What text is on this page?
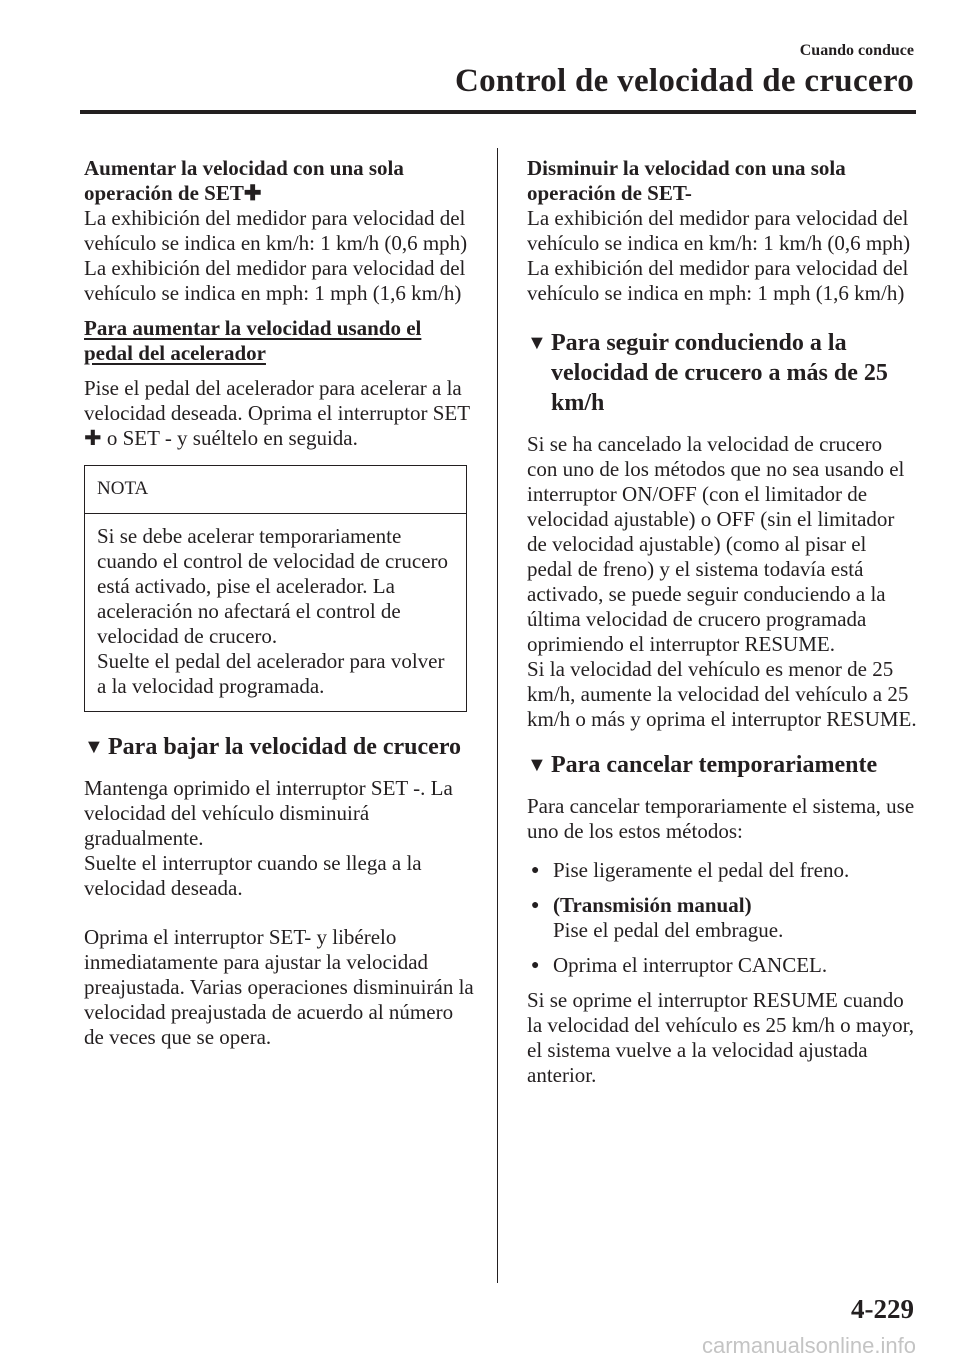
Cuando conduce
Control de velocidad de crucero

Aumentar la velocidad con una sola operación de SET✚

La exhibición del medidor para velocidad del vehículo se indica en km/h: 1 km/h (0,6 mph)

La exhibición del medidor para velocidad del vehículo se indica en mph: 1 mph (1,6 km/h)

Para aumentar la velocidad usando el pedal del acelerador

Pise el pedal del acelerador para acelerar a la velocidad deseada. Oprima el interruptor SET ✚ o SET - y suéltelo en seguida.

NOTA

Si se debe acelerar temporariamente cuando el control de velocidad de crucero está activado, pise el acelerador. La aceleración no afectará el control de velocidad de crucero.

Suelte el pedal del acelerador para volver a la velocidad programada.

▼ Para bajar la velocidad de crucero

Mantenga oprimido el interruptor SET -. La velocidad del vehículo disminuirá gradualmente.

Suelte el interruptor cuando se llega a la velocidad deseada.

Oprima el interruptor SET- y libérelo inmediatamente para ajustar la velocidad preajustada. Varias operaciones disminuirán la velocidad preajustada de acuerdo al número de veces que se opera.

Disminuir la velocidad con una sola operación de SET-

La exhibición del medidor para velocidad del vehículo se indica en km/h: 1 km/h (0,6 mph)

La exhibición del medidor para velocidad del vehículo se indica en mph: 1 mph (1,6 km/h)

▼ Para seguir conduciendo a la velocidad de crucero a más de 25 km/h

Si se ha cancelado la velocidad de crucero con uno de los métodos que no sea usando el interruptor ON/OFF (con el limitador de velocidad ajustable) o OFF (sin el limitador de velocidad ajustable) (como al pisar el pedal de freno) y el sistema todavía está activado, se puede seguir conduciendo a la última velocidad de crucero programada oprimiendo el interruptor RESUME.

Si la velocidad del vehículo es menor de 25 km/h, aumente la velocidad del vehículo a 25 km/h o más y oprima el interruptor RESUME.

▼ Para cancelar temporariamente

Para cancelar temporariamente el sistema, use uno de los estos métodos:

● Pise ligeramente el pedal del freno.
● (Transmisión manual)
Pise el pedal del embrague.
● Oprima el interruptor CANCEL.

Si se oprime el interruptor RESUME cuando la velocidad del vehículo es 25 km/h o mayor, el sistema vuelve a la velocidad ajustada anterior.

4-229
carmanualsonline.info
